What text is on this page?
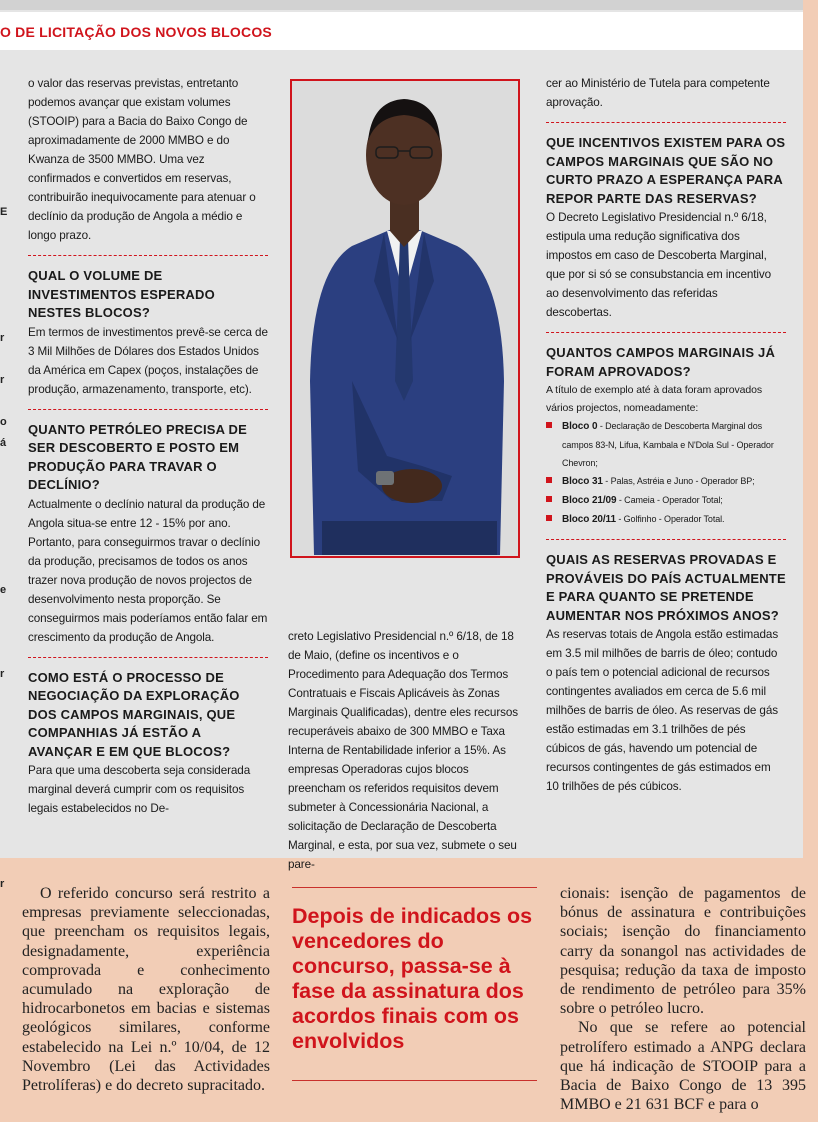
O DE LICITAÇÃO DOS NOVOS BLOCOS

E

r

r

o
á

e

r

r

o valor das reservas previstas, entretanto podemos avançar que existam volumes (STOOIP) para a Bacia do Baixo Congo de aproximadamente de 2000 MMBO e do Kwanza de 3500 MMBO. Uma vez confirmados e convertidos em reservas, contribuirão inequivocamente para atenuar o declínio da produção de Angola a médio e longo prazo.

QUAL O VOLUME DE INVESTIMENTOS ESPERADO NESTES BLOCOS?

Em termos de investimentos prevê-se cerca de 3 Mil Milhões de Dólares dos Estados Unidos da América em Capex (poços, instalações de produção, armazenamento, transporte, etc).

QUANTO PETRÓLEO PRECISA DE SER DESCOBERTO E POSTO EM PRODUÇÃO PARA TRAVAR O DECLÍNIO?

Actualmente o declínio natural da produção de Angola situa-se entre 12 - 15% por ano. Portanto, para conseguirmos travar o declínio da produção, precisamos de todos os anos trazer nova produção de novos projectos de desenvolvimento nesta proporção. Se conseguirmos mais poderíamos então falar em crescimento da produção de Angola.

COMO ESTÁ O PROCESSO DE NEGOCIAÇÃO DA EXPLORAÇÃO DOS CAMPOS MARGINAIS, QUE COMPANHIAS JÁ ESTÃO A AVANÇAR E EM QUE BLOCOS?

Para que uma descoberta seja considerada marginal deverá cumprir com os requisitos legais estabelecidos no De-

creto Legislativo Presidencial n.º 6/18, de 18 de Maio, (define os incentivos e o Procedimento para Adequação dos Termos Contratuais e Fiscais Aplicáveis às Zonas Marginais Qualificadas), dentre eles recursos recuperáveis abaixo de 300 MMBO e Taxa Interna de Rentabilidade inferior a 15%. As empresas Operadoras cujos blocos preencham os referidos requisitos devem submeter à Concessionária Nacional, a solicitação de Declaração de Descoberta Marginal, e esta, por sua vez, submete o seu pare-

cer ao Ministério de Tutela para competente aprovação.

QUE INCENTIVOS EXISTEM PARA OS CAMPOS MARGINAIS QUE SÃO NO CURTO PRAZO A ESPERANÇA PARA REPOR PARTE DAS RESERVAS?

O Decreto Legislativo Presidencial n.º 6/18, estipula uma redução significativa dos impostos em caso de Descoberta Marginal, que por si só se consubstancia em incentivo ao desenvolvimento das referidas descobertas.

QUANTOS CAMPOS MARGINAIS JÁ FORAM APROVADOS?

A título de exemplo até à data foram aprovados vários projectos, nomeadamente:

Bloco 0 - Declaração de Descoberta Marginal dos campos 83-N, Lifua, Kambala e N'Dola Sul - Operador Chevron;
Bloco 31 - Palas, Astréia e Juno - Operador BP;
Bloco 21/09 - Cameia - Operador Total;
Bloco 20/11 - Golfinho - Operador Total.

QUAIS AS RESERVAS PROVADAS E PROVÁVEIS DO PAÍS ACTUALMENTE E PARA QUANTO SE PRETENDE AUMENTAR NOS PRÓXIMOS ANOS?

As reservas totais de Angola estão estimadas em 3.5 mil milhões de barris de óleo; contudo o país tem o potencial adicional de recursos contingentes avaliados em cerca de 5.6 mil milhões de barris de óleo. As reservas de gás estão estimadas em 3.1 trilhões de pés cúbicos de gás, havendo um potencial de recursos contingentes de gás estimados em 10 trilhões de pés cúbicos.

O referido concurso será restrito a empresas previamente seleccionadas, que preencham os requisitos legais, designadamente, experiência comprovada e conhecimento acumulado na exploração de hidrocarbonetos em bacias e sistemas geológicos similares, conforme estabelecido na Lei n.º 10/04, de 12 Novembro (Lei das Actividades Petrolíferas) e do decreto supracitado.

Depois de indicados os vencedores do concurso, passa-se à fase da assinatura dos acordos finais com os envolvidos

cionais: isenção de pagamentos de bónus de assinatura e contribuições sociais; isenção do financiamento carry da sonangol nas actividades de pesquisa; redução da taxa de imposto de rendimento de petróleo para 35% sobre o petróleo lucro.

No que se refere ao potencial petrolífero estimado a ANPG declara que há indicação de STOOIP para a Bacia de Baixo Congo de 13 395 MMBO e 21 631 BCF e para o
